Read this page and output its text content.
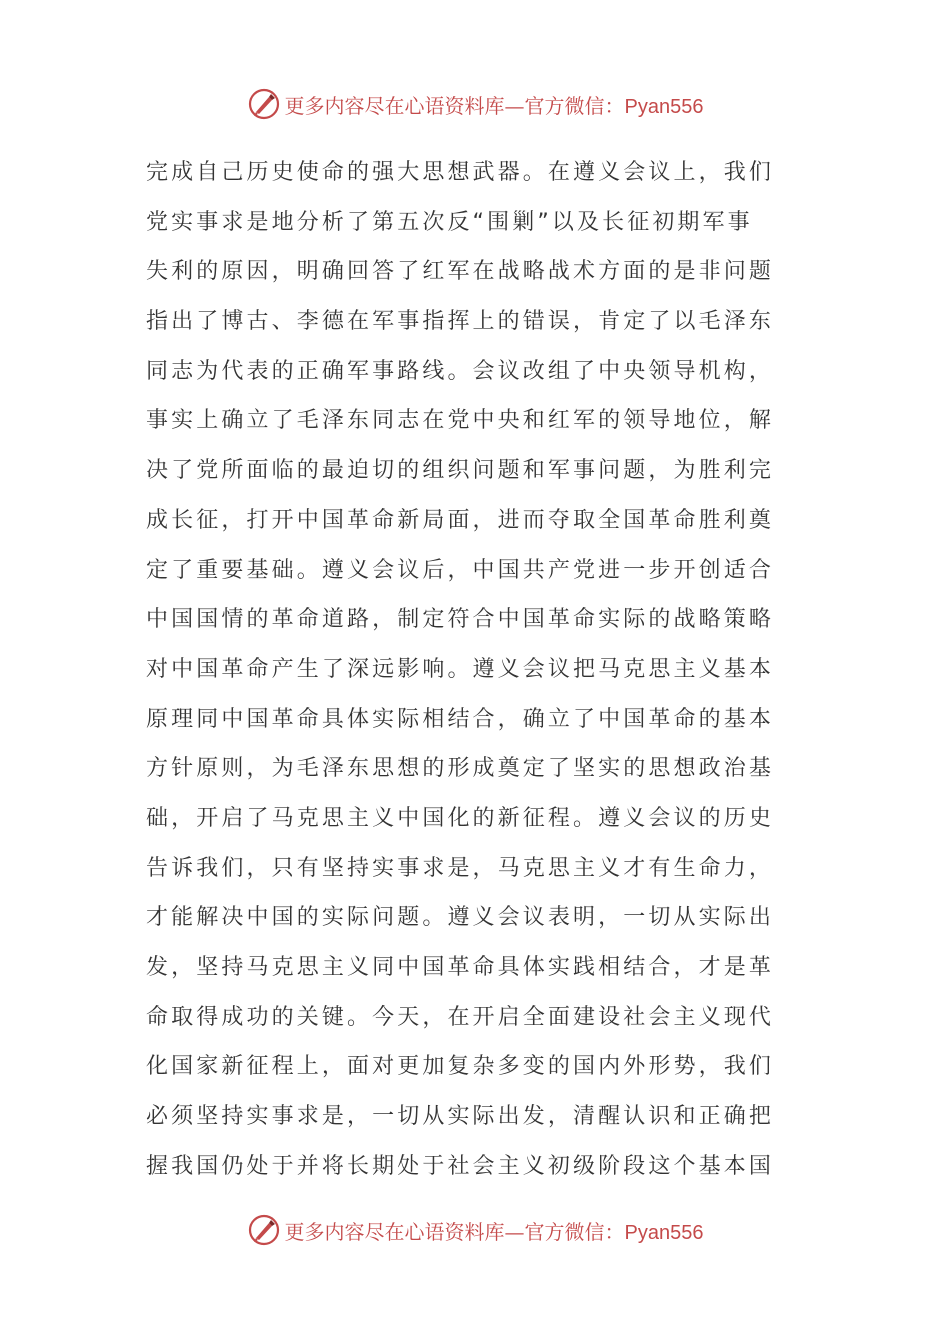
更多内容尽在心语资料库—官方微信：Pyan556
完成自己历史使命的强大思想武器。在遵义会议上，我们
党实事求是地分析了第五次反“围剿”以及长征初期军事
失利的原因，明确回答了红军在战略战术方面的是非问题
指出了博古、李德在军事指挥上的错误，肯定了以毛泽东
同志为代表的正确军事路线。会议改组了中央领导机构，
事实上确立了毛泽东同志在党中央和红军的领导地位，解
决了党所面临的最迫切的组织问题和军事问题，为胜利完
成长征，打开中国革命新局面，进而夺取全国革命胜利奠
定了重要基础。遵义会议后，中国共产党进一步开创适合
中国国情的革命道路，制定符合中国革命实际的战略策略
对中国革命产生了深远影响。遵义会议把马克思主义基本
原理同中国革命具体实际相结合，确立了中国革命的基本
方针原则，为毛泽东思想的形成奠定了坚实的思想政治基
础，开启了马克思主义中国化的新征程。遵义会议的历史
告诉我们，只有坚持实事求是，马克思主义才有生命力，
才能解决中国的实际问题。遵义会议表明，一切从实际出
发，坚持马克思主义同中国革命具体实践相结合，才是革
命取得成功的关键。今天，在开启全面建设社会主义现代
化国家新征程上，面对更加复杂多变的国内外形势，我们
必须坚持实事求是，一切从实际出发，清醒认识和正确把
握我国仍处于并将长期处于社会主义初级阶段这个基本国
更多内容尽在心语资料库—官方微信：Pyan556
